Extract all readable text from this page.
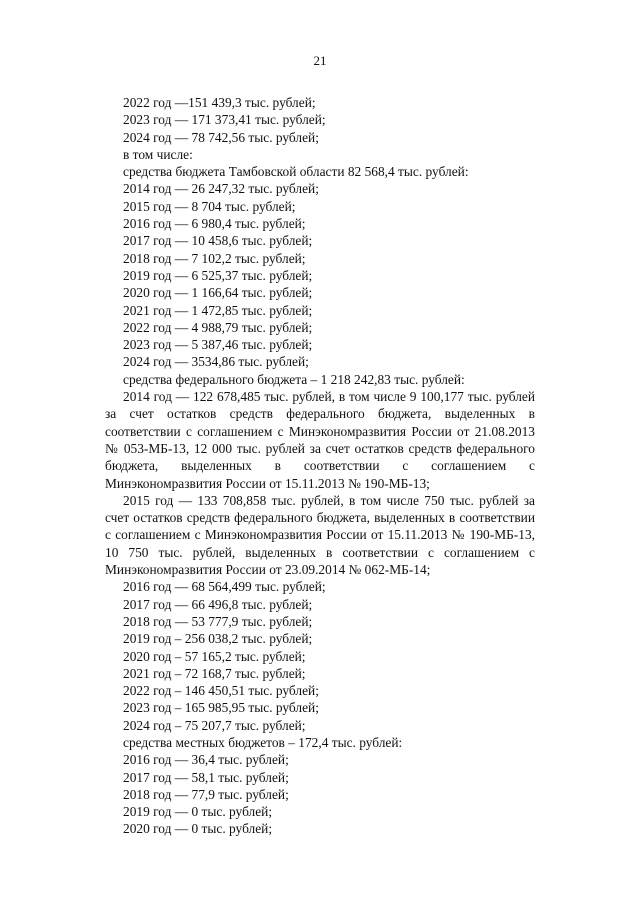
21

2022 год —151 439,3 тыс. рублей;

2023 год — 171 373,41 тыс. рублей;

2024 год — 78 742,56 тыс. рублей;

в том числе:

средства бюджета Тамбовской области 82 568,4 тыс. рублей:

2014 год — 26 247,32 тыс. рублей;

2015 год — 8 704 тыс. рублей;

2016 год — 6 980,4 тыс. рублей;

2017 год — 10 458,6 тыс. рублей;

2018 год — 7 102,2 тыс. рублей;

2019 год — 6 525,37 тыс. рублей;

2020 год — 1 166,64 тыс. рублей;

2021 год — 1 472,85 тыс. рублей;

2022 год — 4 988,79 тыс. рублей;

2023 год — 5 387,46 тыс. рублей;

2024 год — 3534,86 тыс. рублей;

средства федерального бюджета – 1 218 242,83 тыс. рублей:

2014 год — 122 678,485 тыс. рублей, в том числе 9 100,177 тыс. рублей за счет остатков средств федерального бюджета, выделенных в соответствии с соглашением с Минэкономразвития России от 21.08.2013 № 053-МБ-13, 12 000 тыс. рублей за счет остатков средств федерального бюджета, выделенных в соответствии с соглашением с Минэкономразвития России от 15.11.2013 № 190-МБ-13;

2015 год — 133 708,858 тыс. рублей, в том числе 750 тыс. рублей за счет остатков средств федерального бюджета, выделенных в соответствии с соглашением с Минэкономразвития России от 15.11.2013 № 190-МБ-13, 10 750 тыс. рублей, выделенных в соответствии с соглашением с Минэкономразвития России от 23.09.2014 № 062-МБ-14;

2016 год — 68 564,499 тыс. рублей;

2017 год — 66 496,8 тыс. рублей;

2018 год — 53 777,9 тыс. рублей;

2019 год – 256 038,2 тыс. рублей;

2020 год – 57 165,2 тыс. рублей;

2021 год – 72 168,7 тыс. рублей;

2022 год – 146 450,51 тыс. рублей;

2023 год – 165 985,95 тыс. рублей;

2024 год – 75 207,7 тыс. рублей;

средства местных бюджетов – 172,4 тыс. рублей:

2016 год — 36,4 тыс. рублей;

2017 год — 58,1 тыс. рублей;

2018 год — 77,9 тыс. рублей;

2019 год — 0 тыс. рублей;

2020 год — 0 тыс. рублей;
